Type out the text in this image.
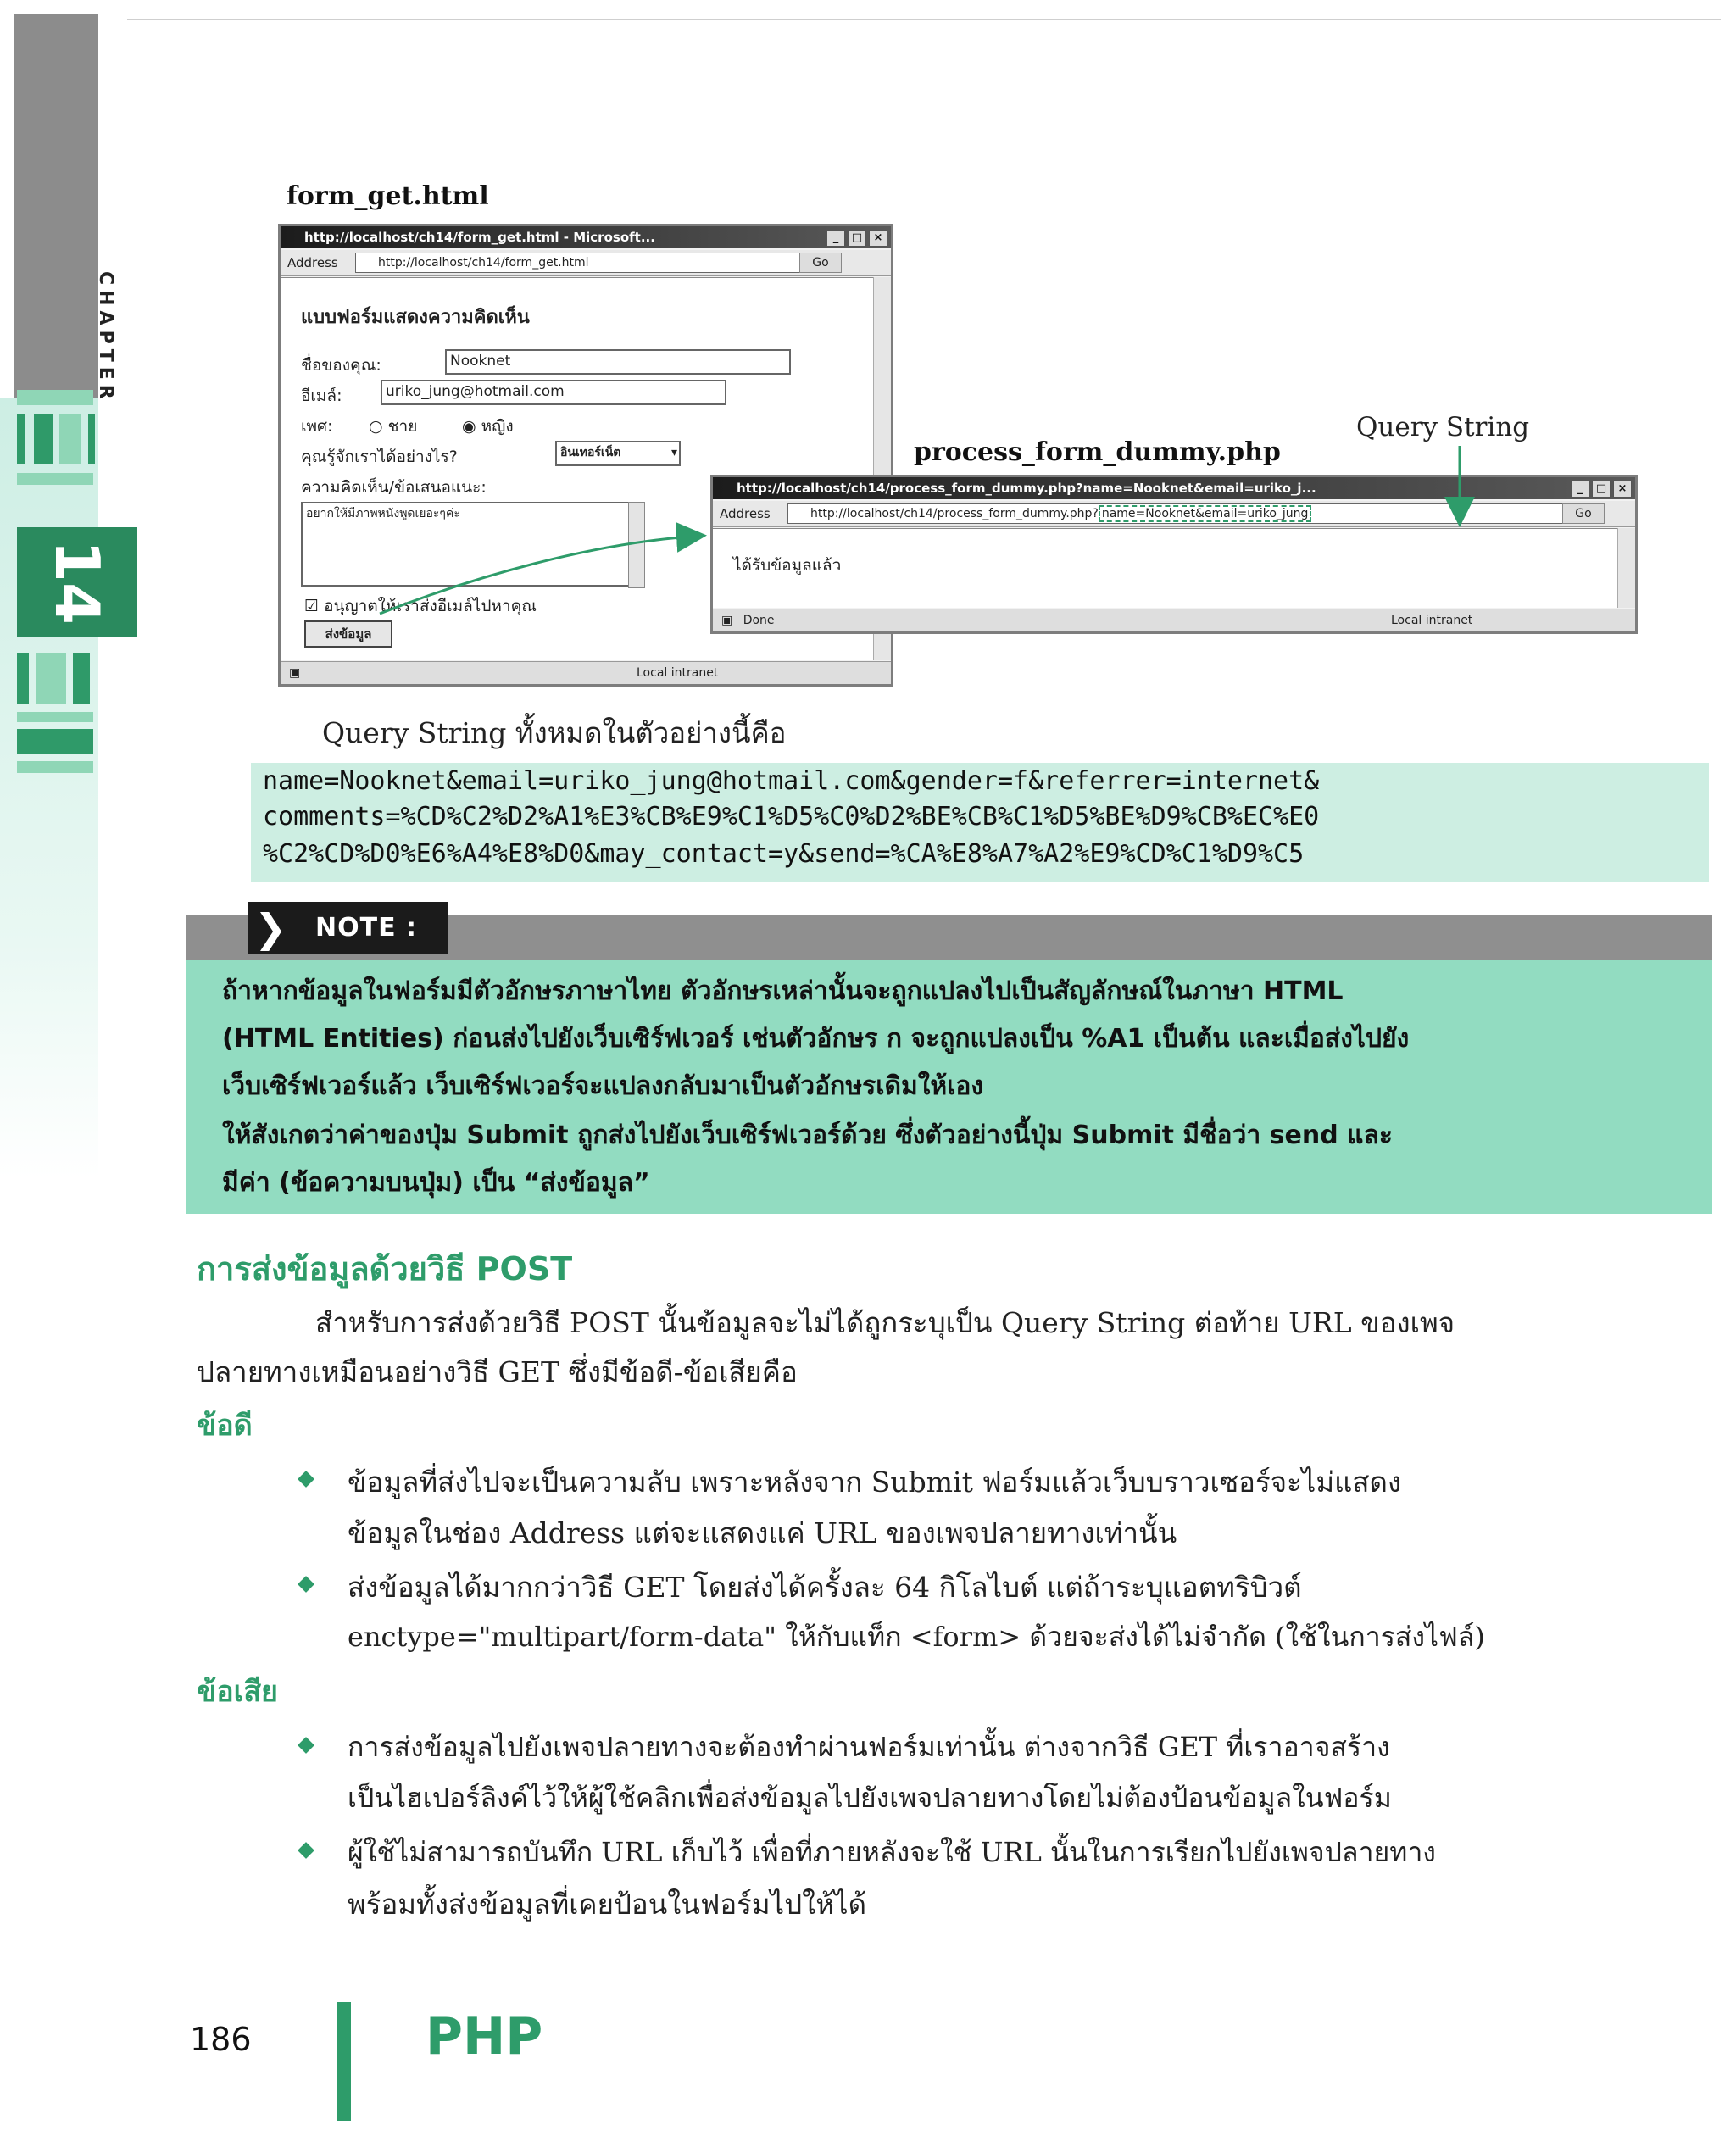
CHAPTER
14
form_get.html
process_form_dummy.php
Query String
http://localhost/ch14/form_get.html - Microsoft...	_	□	×
Address	http://localhost/ch14/form_get.html	Go
แบบฟอร์มแสดงความคิดเห็น
ชื่อของคุณ:	Nooknet
อีเมล์:	uriko_jung@hotmail.com
เพศ: ○ ชาย	◉ หญิง
คุณรู้จักเราได้อย่างไร?	อินเทอร์เน็ต	▾
ความคิดเห็น/ข้อเสนอแนะ:
อยากให้มีภาพหนังพูดเยอะๆค่ะ
☑ อนุญาตให้เราส่งอีเมล์ไปหาคุณ
ส่งข้อมูล
▣	Local intranet
http://localhost/ch14/process_form_dummy.php?name=Nooknet&email=uriko_j...	_	□	×
Address	http://localhost/ch14/process_form_dummy.php? name=Nooknet&email=uriko_jung	Go
ได้รับข้อมูลแล้ว
▣ Done	Local intranet
Query String ทั้งหมดในตัวอย่างนี้คือ
name=Nooknet&email=uriko_jung@hotmail.com&gender=f&referrer=internet&
comments=%CD%C2%D2%A1%E3%CB%E9%C1%D5%C0%D2%BE%CB%C1%D5%BE%D9%CB%EC%E0
%C2%CD%D0%E6%A4%E8%D0&may_contact=y&send=%CA%E8%A7%A2%E9%CD%C1%D9%C5
NOTE :
❯
ถ้าหากข้อมูลในฟอร์มมีตัวอักษรภาษาไทย ตัวอักษรเหล่านั้นจะถูกแปลงไปเป็นสัญลักษณ์ในภาษา HTML
(HTML Entities) ก่อนส่งไปยังเว็บเซิร์ฟเวอร์ เช่นตัวอักษร ก จะถูกแปลงเป็น %A1 เป็นต้น และเมื่อส่งไปยัง
เว็บเซิร์ฟเวอร์แล้ว เว็บเซิร์ฟเวอร์จะแปลงกลับมาเป็นตัวอักษรเดิมให้เอง
ให้สังเกตว่าค่าของปุ่ม Submit ถูกส่งไปยังเว็บเซิร์ฟเวอร์ด้วย ซึ่งตัวอย่างนี้ปุ่ม Submit มีชื่อว่า send และ
มีค่า (ข้อความบนปุ่ม) เป็น “ส่งข้อมูล”
การส่งข้อมูลด้วยวิธี POST
สำหรับการส่งด้วยวิธี POST นั้นข้อมูลจะไม่ได้ถูกระบุเป็น Query String ต่อท้าย URL ของเพจ
ปลายทางเหมือนอย่างวิธี GET ซึ่งมีข้อดี-ข้อเสียคือ
ข้อดี
ข้อมูลที่ส่งไปจะเป็นความลับ เพราะหลังจาก Submit ฟอร์มแล้วเว็บบราวเซอร์จะไม่แสดง
ข้อมูลในช่อง Address แต่จะแสดงแค่ URL ของเพจปลายทางเท่านั้น
ส่งข้อมูลได้มากกว่าวิธี GET โดยส่งได้ครั้งละ 64 กิโลไบต์ แต่ถ้าระบุแอตทริบิวต์
enctype="multipart/form-data" ให้กับแท็ก <form> ด้วยจะส่งได้ไม่จำกัด (ใช้ในการส่งไฟล์)
ข้อเสีย
การส่งข้อมูลไปยังเพจปลายทางจะต้องทำผ่านฟอร์มเท่านั้น ต่างจากวิธี GET ที่เราอาจสร้าง
เป็นไฮเปอร์ลิงค์ไว้ให้ผู้ใช้คลิกเพื่อส่งข้อมูลไปยังเพจปลายทางโดยไม่ต้องป้อนข้อมูลในฟอร์ม
ผู้ใช้ไม่สามารถบันทึก URL เก็บไว้ เพื่อที่ภายหลังจะใช้ URL นั้นในการเรียกไปยังเพจปลายทาง
พร้อมทั้งส่งข้อมูลที่เคยป้อนในฟอร์มไปให้ได้
186	PHP
